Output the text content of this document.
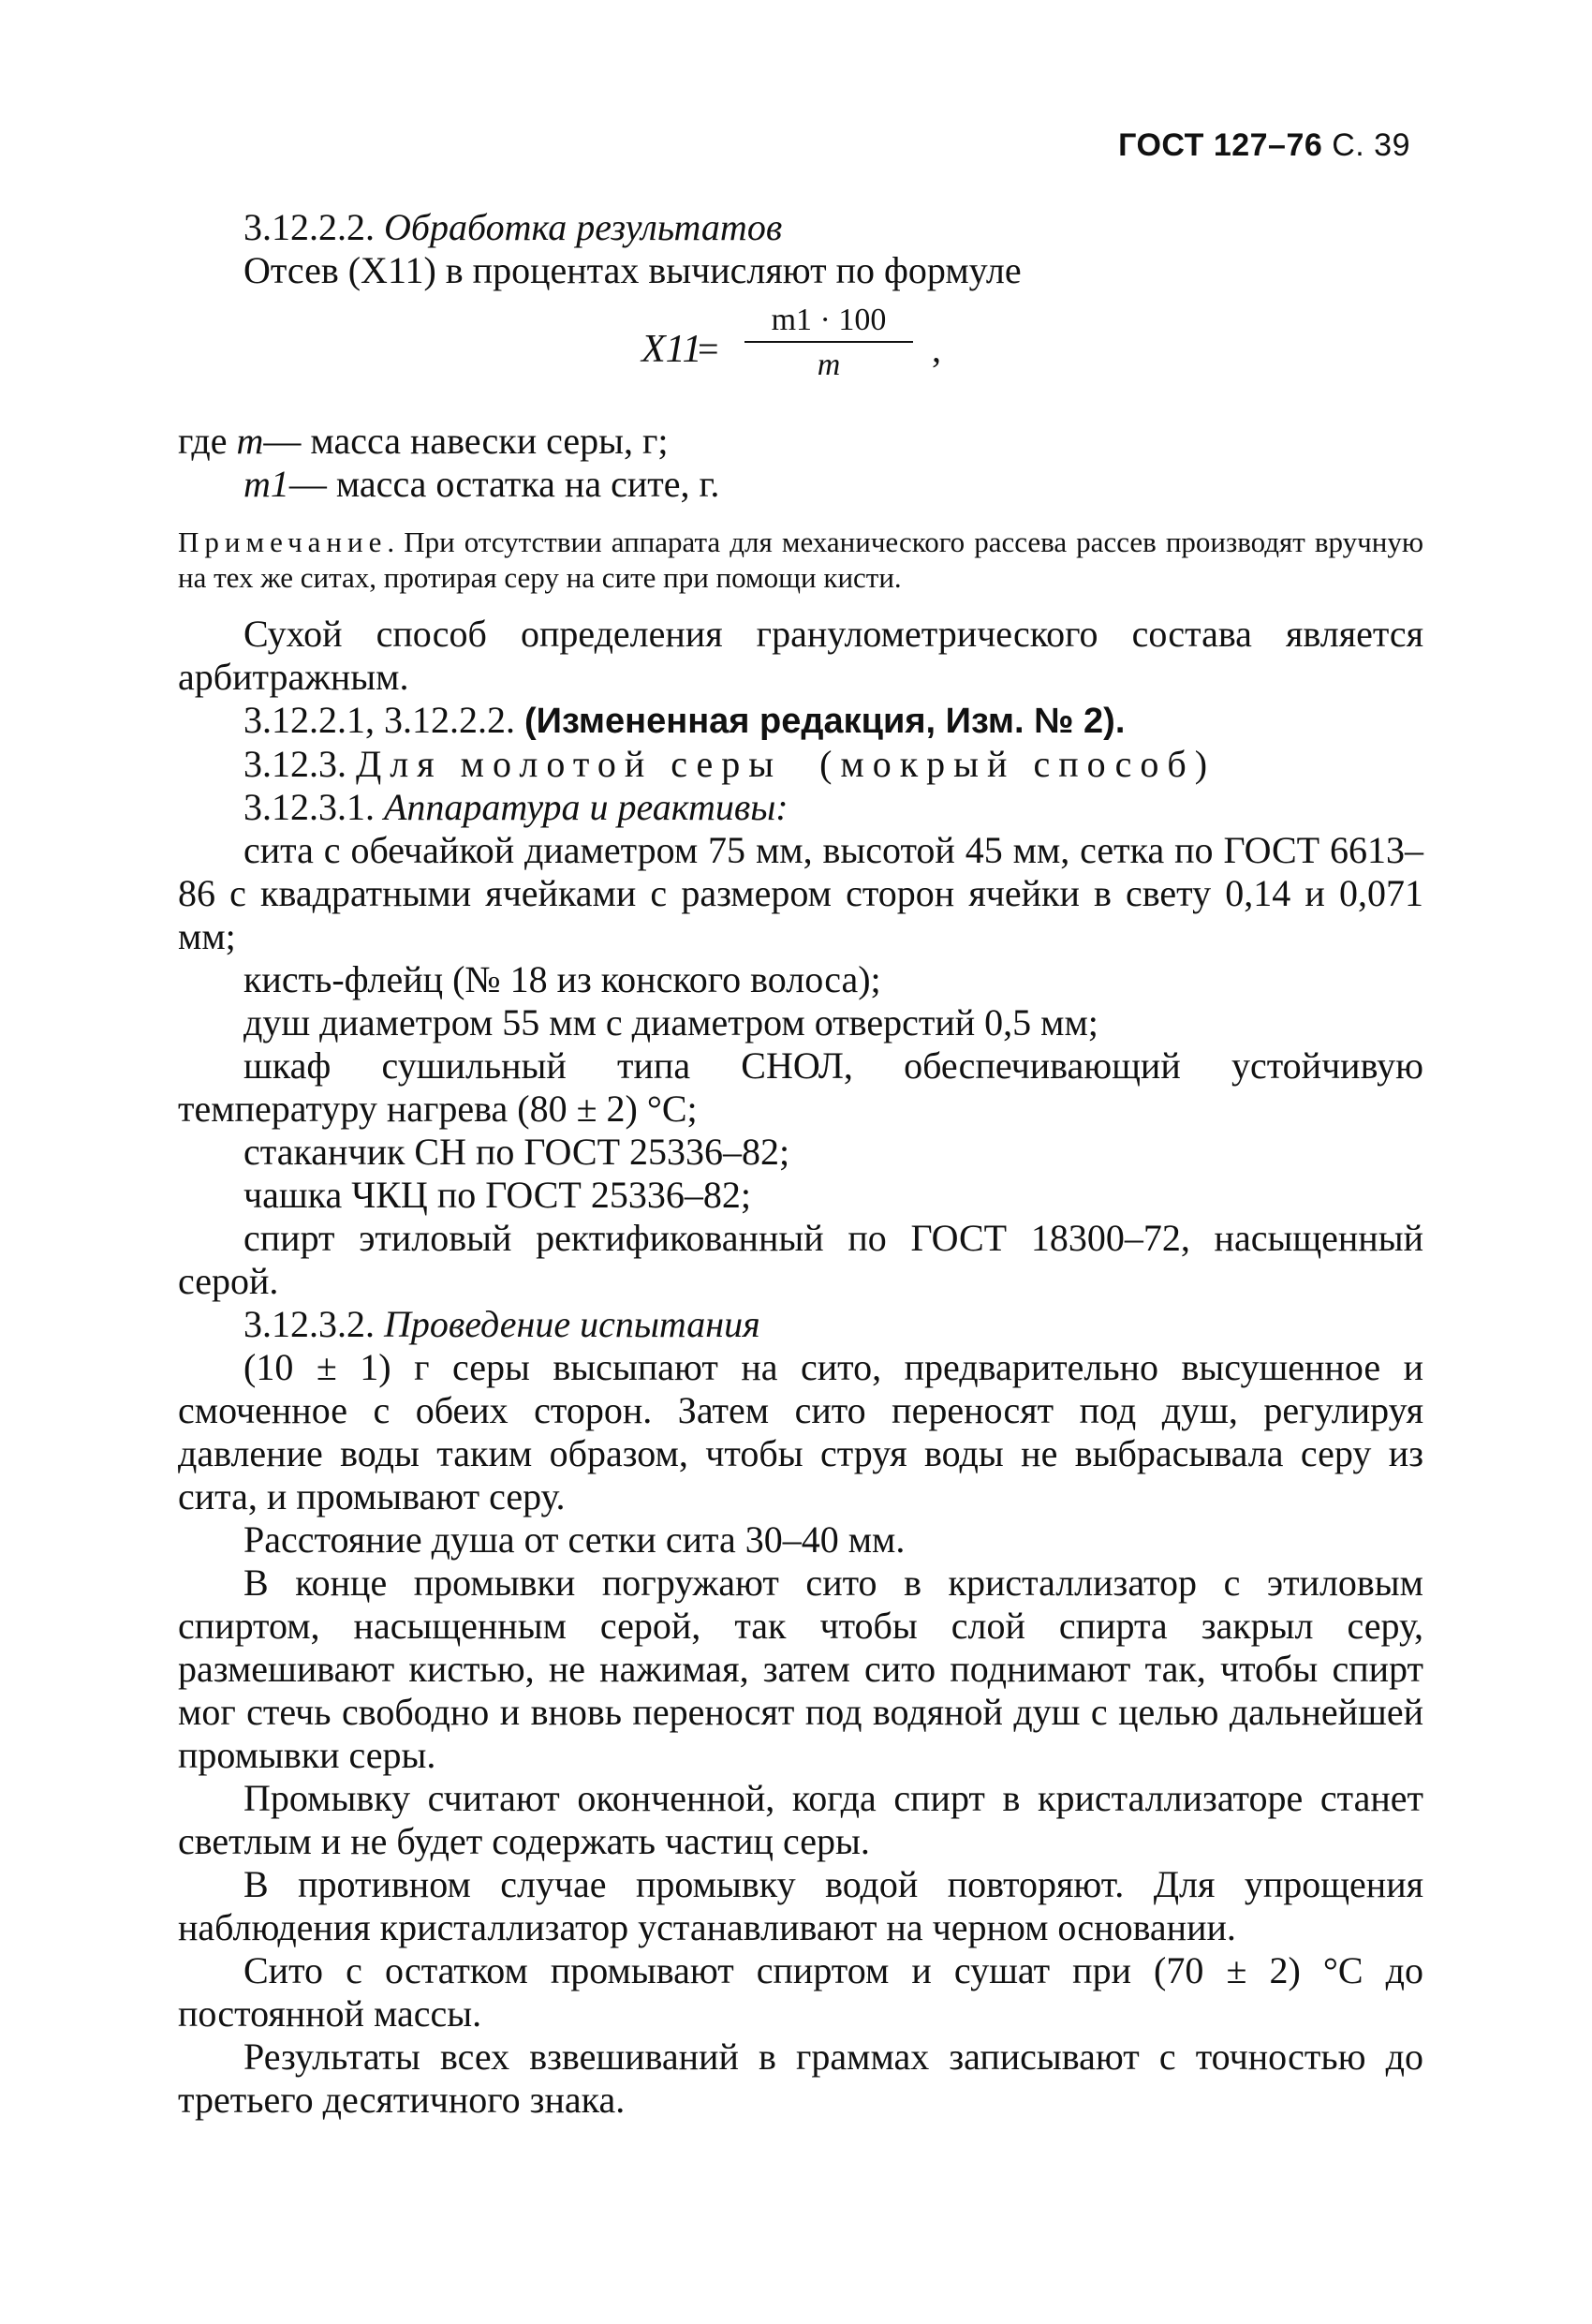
ГОСТ 127–76 С. 39

3.12.2.2. Обработка результатов

Отсев (X11) в процентах вычисляют по формуле

X11
=
m1 · 100
m	,
где
m — масса навески серы, г;
m1 — масса остатка на сите, г.

Примечание. При отсутствии аппарата для механического рассева рассев производят вручную на тех же ситах, протирая серу на сите при помощи кисти.

Сухой способ определения гранулометрического состава является арбитражным.

3.12.2.1, 3.12.2.2. (Измененная редакция, Изм. № 2).

3.12.3. Для молотой серы (мокрый способ)

3.12.3.1. Аппаратура и реактивы:

сита с обечайкой диаметром 75 мм, высотой 45 мм, сетка по ГОСТ 6613–86 с квадратными ячейками с размером сторон ячейки в свету 0,14 и 0,071 мм;

кисть-флейц (№ 18 из конского волоса);

душ диаметром 55 мм с диаметром отверстий 0,5 мм;

шкаф сушильный типа СНОЛ, обеспечивающий устойчивую температуру нагрева (80 ± 2) °С;

стаканчик СН по ГОСТ 25336–82;

чашка ЧКЦ по ГОСТ 25336–82;

спирт этиловый ректификованный по ГОСТ 18300–72, насыщенный серой.

3.12.3.2. Проведение испытания

(10 ± 1) г серы высыпают на сито, предварительно высушенное и смоченное с обеих сторон. Затем сито переносят под душ, регулируя давление воды таким образом, чтобы струя воды не выбрасывала серу из сита, и промывают серу.

Расстояние душа от сетки сита 30–40 мм.

В конце промывки погружают сито в кристаллизатор с этиловым спиртом, насыщенным серой, так чтобы слой спирта закрыл серу, размешивают кистью, не нажимая, затем сито поднимают так, чтобы спирт мог стечь свободно и вновь переносят под водяной душ с целью дальнейшей промывки серы.

Промывку считают оконченной, когда спирт в кристаллизаторе станет светлым и не будет содержать частиц серы.

В противном случае промывку водой повторяют. Для упрощения наблюдения кристаллизатор устанавливают на черном основании.

Сито с остатком промывают спиртом и сушат при (70 ± 2) °С до постоянной массы.

Результаты всех взвешиваний в граммах записывают с точностью до третьего десятичного знака.
